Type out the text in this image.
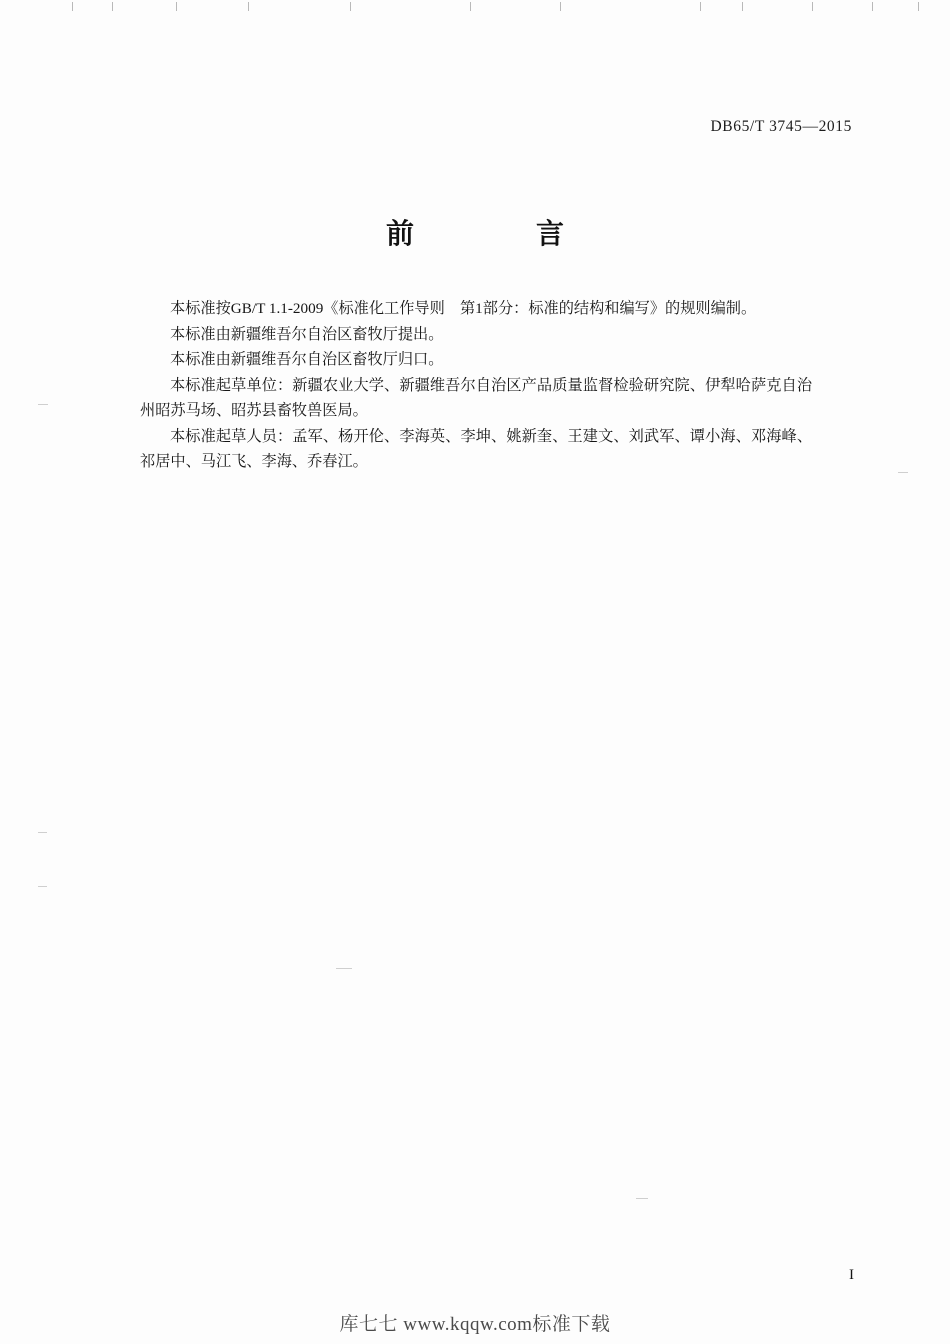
DB65/T 3745—2015
前　　言

本标准按GB/T 1.1-2009《标准化工作导则　第1部分：标准的结构和编写》的规则编制。

本标准由新疆维吾尔自治区畜牧厅提出。

本标准由新疆维吾尔自治区畜牧厅归口。

本标准起草单位：新疆农业大学、新疆维吾尔自治区产品质量监督检验研究院、伊犁哈萨克自治州昭苏马场、昭苏县畜牧兽医局。

本标准起草人员：孟军、杨开伦、李海英、李坤、姚新奎、王建文、刘武军、谭小海、邓海峰、祁居中、马江飞、李海、乔春江。

I
库七七 www.kqqw.com标准下载
